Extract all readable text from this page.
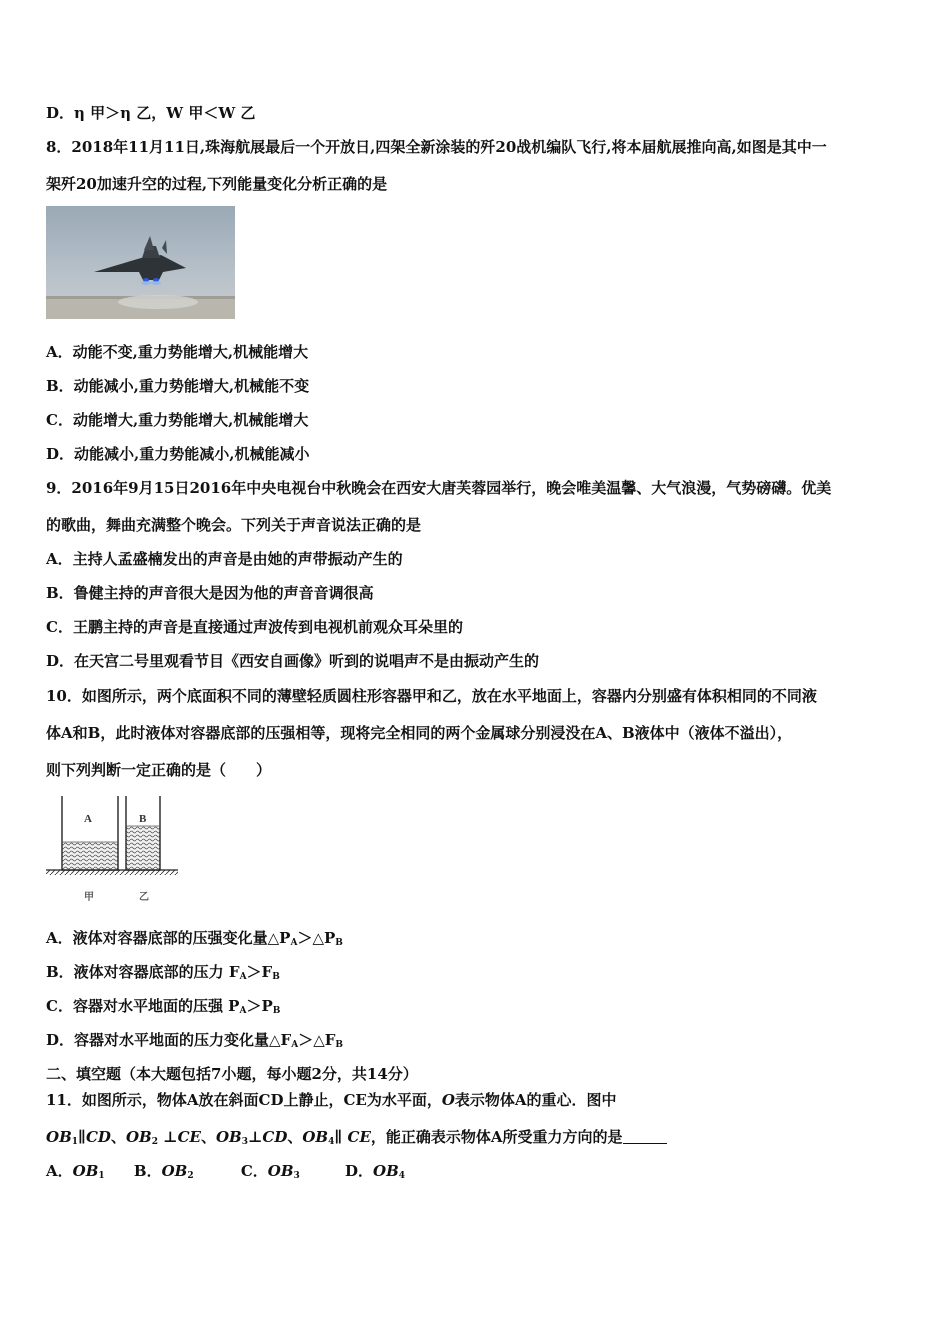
D．η 甲＞η 乙，W 甲＜W 乙
8．2018年11月11日,珠海航展最后一个开放日,四架全新涂装的歼20战机编队飞行,将本届航展推向高,如图是其中一
架歼20加速升空的过程,下列能量变化分析正确的是
A．动能不变,重力势能增大,机械能增大
B．动能减小,重力势能增大,机械能不变
C．动能增大,重力势能增大,机械能增大
D．动能减小,重力势能减小,机械能减小
9．2016年9月15日2016年中央电视台中秋晚会在西安大唐芙蓉园举行，晚会唯美温馨、大气浪漫，气势磅礴。优美
的歌曲，舞曲充满整个晚会。下列关于声音说法正确的是
A．主持人孟盛楠发出的声音是由她的声带振动产生的
B．鲁健主持的声音很大是因为他的声音音调很高
C．王鹏主持的声音是直接通过声波传到电视机前观众耳朵里的
D．在天宫二号里观看节目《西安自画像》听到的说唱声不是由振动产生的
10．如图所示，两个底面积不同的薄壁轻质圆柱形容器甲和乙，放在水平地面上，容器内分别盛有体积相同的不同液
体A和B，此时液体对容器底部的压强相等，现将完全相同的两个金属球分别浸没在A、B液体中（液体不溢出），
则下列判断一定正确的是（　　）
A	B
甲	乙
A．液体对容器底部的压强变化量$\triangle P_A>\triangle P_B$
B．液体对容器底部的压力 $F_A>F_B$
C．容器对水平地面的压强 $P_A>P_B$
D．容器对水平地面的压力变化量$\triangle F_A>\triangle F_B$
二、填空题（本大题包括7小题，每小题2分，共14分）
11．如图所示，物体A放在斜面CD上静止，CE为水平面，O表示物体A的重心．图中
$OB_1\parallel CD$、$OB_2$ ⊥CE、$OB_3\perp CD$、$OB_4\parallel$ CE，能正确表示物体A所受重力方向的是
A．$OB_1$ B．$OB_2$	C．$OB_3$	D．$OB_4$
